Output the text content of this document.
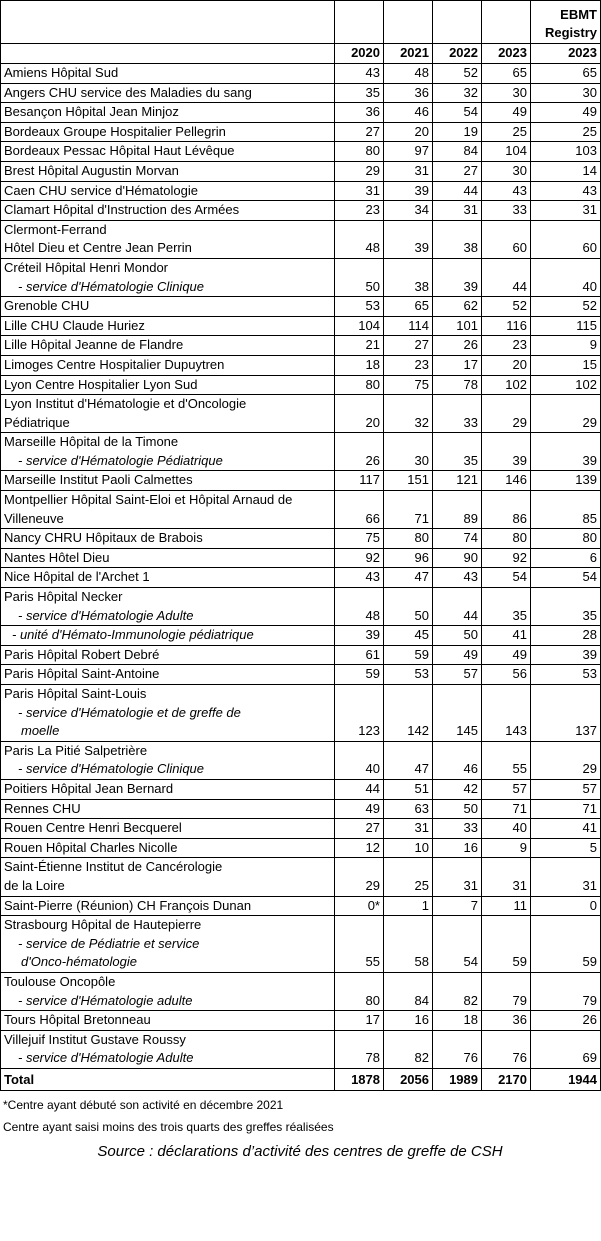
					EBMT
Registry

	2020	2021	2022	2023	2023

Amiens Hôpital Sud	43	48	52	65	65

Angers CHU service des Maladies du sang	35	36	32	30	30

Besançon Hôpital Jean Minjoz	36	46	54	49	49

Bordeaux Groupe Hospitalier Pellegrin	27	20	19	25	25

Bordeaux Pessac Hôpital Haut Lévêque	80	97	84	104	103

Brest Hôpital Augustin Morvan	29	31	27	30	14

Caen CHU service d'Hématologie	31	39	44	43	43

Clamart Hôpital d'Instruction des Armées	23	34	31	33	31

Clermont-Ferrand
Hôtel Dieu et Centre Jean Perrin	48	39	38	60	60

Créteil Hôpital Henri Mondor
- service d'Hématologie Clinique	50	38	39	44	40

Grenoble CHU	53	65	62	52	52

Lille CHU Claude Huriez	104	114	101	116	115

Lille Hôpital Jeanne de Flandre	21	27	26	23	9

Limoges Centre Hospitalier Dupuytren	18	23	17	20	15

Lyon Centre Hospitalier Lyon Sud	80	75	78	102	102

Lyon Institut d'Hématologie et d'Oncologie
Pédiatrique	20	32	33	29	29

Marseille Hôpital de la Timone
- service d'Hématologie Pédiatrique	26	30	35	39	39

Marseille Institut Paoli Calmettes	117	151	121	146	139

Montpellier Hôpital Saint-Eloi et Hôpital Arnaud de
Villeneuve	66	71	89	86	85

Nancy CHRU Hôpitaux de Brabois	75	80	74	80	80

Nantes Hôtel Dieu	92	96	90	92	6

Nice Hôpital de l'Archet 1	43	47	43	54	54

Paris Hôpital Necker
- service d'Hématologie Adulte	48	50	44	35	35

- unité d'Hémato-Immunologie pédiatrique	39	45	50	41	28

Paris Hôpital Robert Debré	61	59	49	49	39

Paris Hôpital Saint-Antoine	59	53	57	56	53

Paris Hôpital Saint-Louis
- service d'Hématologie et de greffe de
moelle	123	142	145	143	137

Paris La Pitié Salpetrière
- service d'Hématologie Clinique	40	47	46	55	29

Poitiers Hôpital Jean Bernard	44	51	42	57	57

Rennes CHU	49	63	50	71	71

Rouen Centre Henri Becquerel	27	31	33	40	41

Rouen Hôpital Charles Nicolle	12	10	16	9	5

Saint-Étienne Institut de Cancérologie
de la Loire	29	25	31	31	31

Saint-Pierre (Réunion) CH François Dunan	0*	1	7	11	0

Strasbourg Hôpital de Hautepierre
- service de Pédiatrie et service
d'Onco-hématologie	55	58	54	59	59

Toulouse Oncopôle
- service d'Hématologie adulte	80	84	82	79	79

Tours Hôpital Bretonneau	17	16	18	36	26

Villejuif Institut Gustave Roussy
- service d'Hématologie Adulte	78	82	76	76	69
Total	1878	2056	1989	2170	1944
*Centre ayant débuté son activité en décembre 2021
Centre ayant saisi moins des trois quarts des greffes réalisées
Source : déclarations d’activité des centres de greffe de CSH
